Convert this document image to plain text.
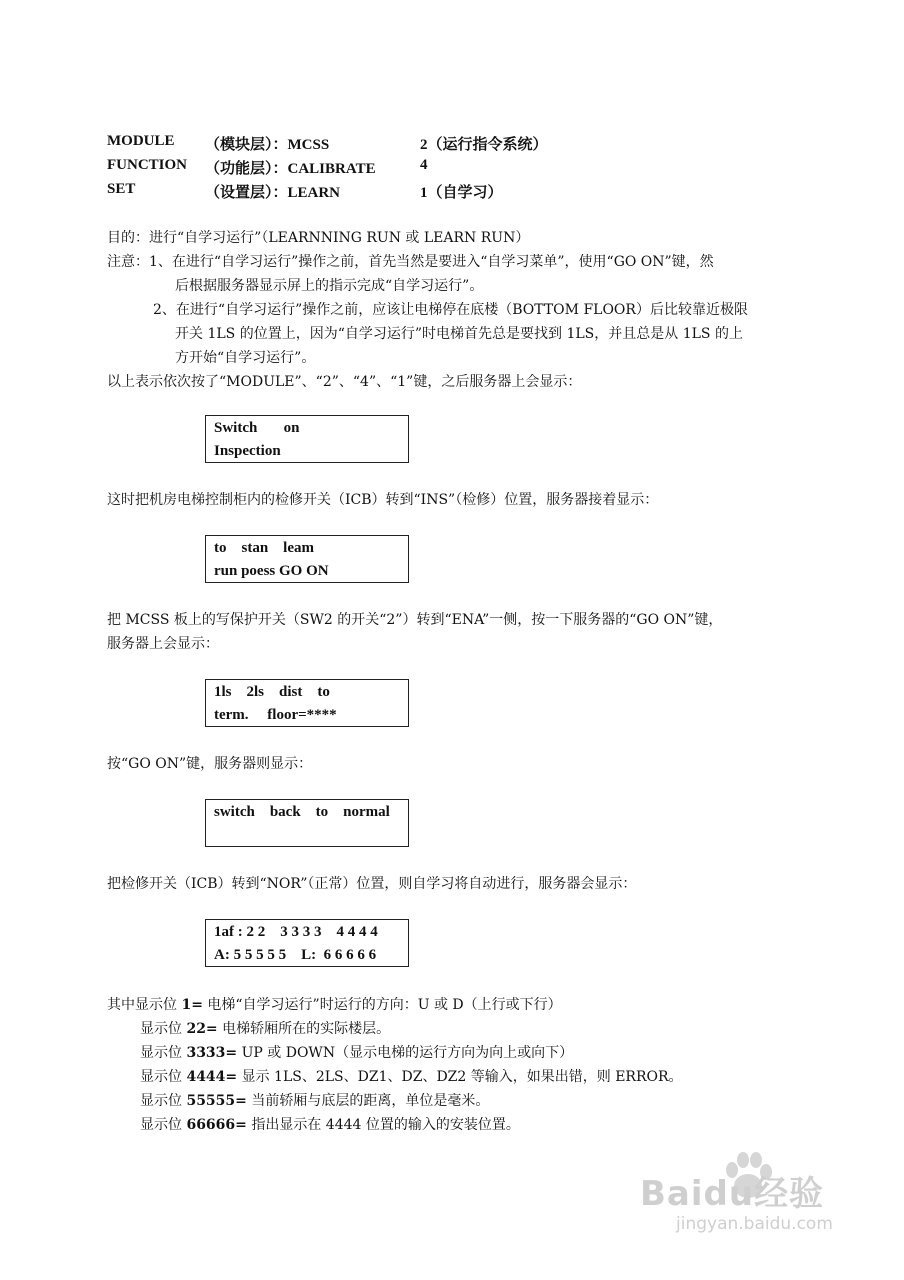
MODULE （模块层）：MCSS	2（运行指令系统）
FUNCTION （功能层）：CALIBRATE	4
SET	（设置层）：LEARN	1（自学习）
目的：进行“自学习运行”（LEARNNING RUN 或 LEARN RUN）
注意：1、在进行“自学习运行”操作之前，首先当然是要进入“自学习菜单”，使用“GO ON”键，然
后根据服务器显示屏上的指示完成“自学习运行”。
2、在进行“自学习运行”操作之前，应该让电梯停在底楼（BOTTOM FLOOR）后比较靠近极限
开关 1LS 的位置上，因为“自学习运行”时电梯首先总是要找到 1LS，并且总是从 1LS 的上
方开始“自学习运行”。
以上表示依次按了“MODULE”、“2”、“4”、“1”键，之后服务器上会显示：
Switch       on
Inspection
这时把机房电梯控制柜内的检修开关（ICB）转到“INS”（检修）位置，服务器接着显示：
to    stan    leam
run poess GO ON
把 MCSS 板上的写保护开关（SW2 的开关“2”）转到“ENA”一侧，按一下服务器的“GO ON”键，
服务器上会显示：
1ls    2ls    dist    to
term.     floor=****
按“GO ON”键，服务器则显示：
switch    back    to    normal
把检修开关（ICB）转到“NOR”（正常）位置，则自学习将自动进行，服务器会显示：
1af : 2 2    3 3 3 3    4 4 4 4
A: 5 5 5 5 5    L:  6 6 6 6 6
其中显示位 1= 电梯“自学习运行”时运行的方向：U 或 D（上行或下行）
显示位 22= 电梯轿厢所在的实际楼层。
显示位 3333= UP 或 DOWN（显示电梯的运行方向为向上或向下）
显示位 4444= 显示 1LS、2LS、DZ1、DZ、DZ2 等输入，如果出错，则 ERROR。
显示位 55555= 当前轿厢与底层的距离，单位是毫米。
显示位 66666= 指出显示在 4444 位置的输入的安装位置。
Baidu经验
jingyan.baidu.com
